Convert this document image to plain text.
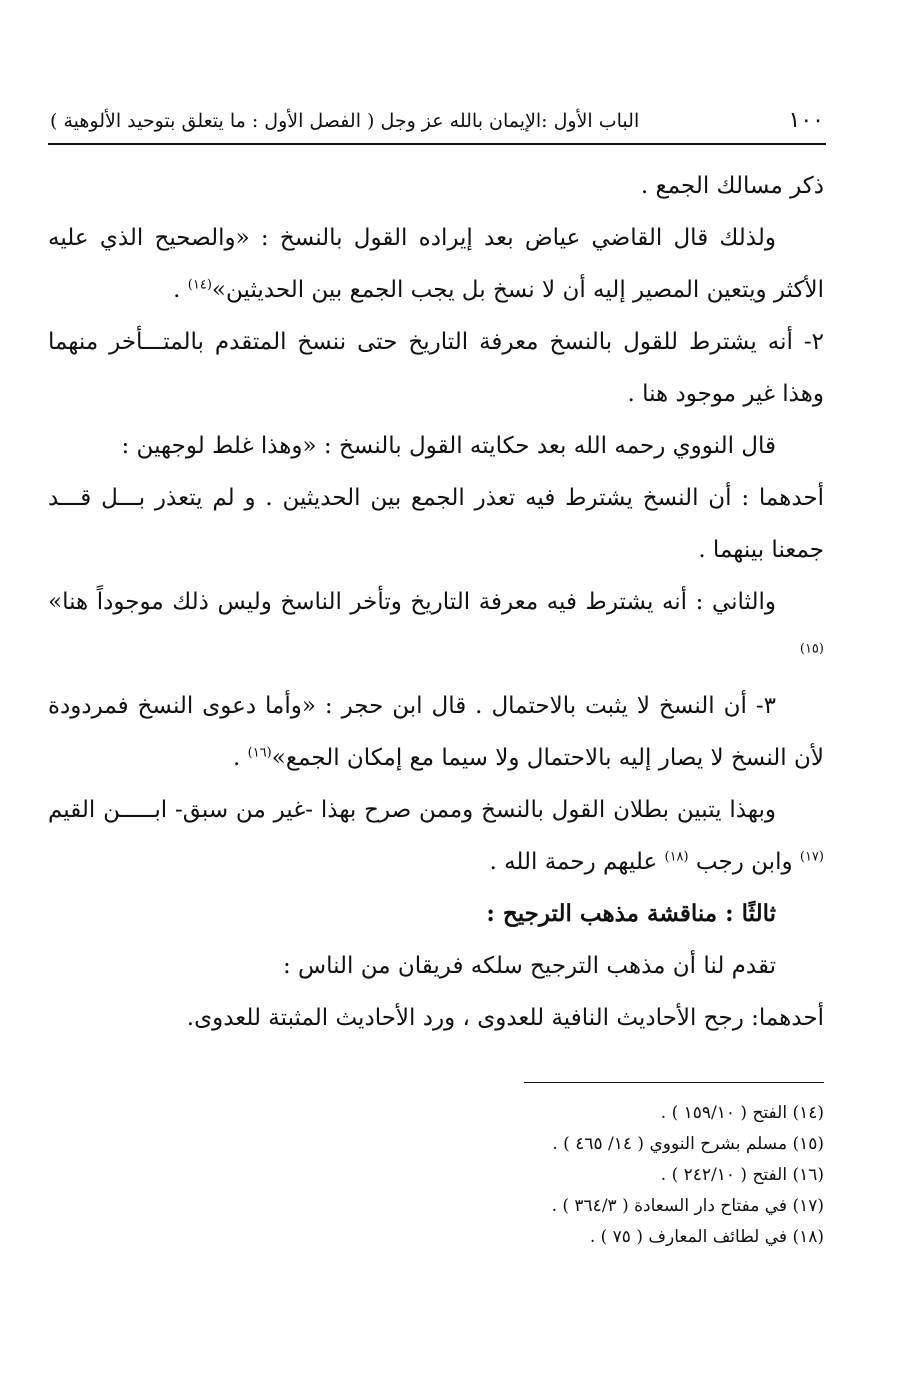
١٠٠
الباب الأول :الإيمان بالله عز وجل ( الفصل الأول : ما يتعلق بتوحيد الألوهية )

ذكر مسالك الجمع .

ولذلك قال القاضي عياض بعد إيراده القول بالنسخ : «والصحيح الذي عليه الأكثر ويتعين المصير إليه أن لا نسخ بل يجب الجمع بين الحديثين»$^{(١٤)}$ .

٢- أنه يشترط للقول بالنسخ معرفة التاريخ حتى ننسخ المتقدم بالمتـــأخر منهما وهذا غير موجود هنا .

قال النووي رحمه الله بعد حكايته القول بالنسخ : «وهذا غلط لوجهين :

أحدهما : أن النسخ يشترط فيه تعذر الجمع بين الحديثين . و لم يتعذر بـــل قـــد جمعنا بينهما .

والثاني : أنه يشترط فيه معرفة التاريخ وتأخر الناسخ وليس ذلك موجوداً هنا» $^{(١٥)}$

٣- أن النسخ لا يثبت بالاحتمال . قال ابن حجر : «وأما دعوى النسخ فمردودة لأن النسخ لا يصار إليه بالاحتمال ولا سيما مع إمكان الجمع»$^{(١٦)}$ .

وبهذا يتبين بطلان القول بالنسخ وممن صرح بهذا -غير من سبق- ابـــــن القيم $^{(١٧)}$ وابن رجب $^{(١٨)}$ عليهم رحمة الله .

ثالثًا : مناقشة مذهب الترجيح :

تقدم لنا أن مذهب الترجيح سلكه فريقان من الناس :

أحدهما: رجح الأحاديث النافية للعدوى ، ورد الأحاديث المثبتة للعدوى.

(١٤) الفتح ( ١٥٩/١٠ ) .

(١٥) مسلم بشرح النووي ( ١٤/ ٤٦٥ ) .

(١٦) الفتح ( ٢٤٢/١٠ ) .

(١٧) في مفتاح دار السعادة ( ٣٦٤/٣ ) .

(١٨) في لطائف المعارف ( ٧٥ ) .
